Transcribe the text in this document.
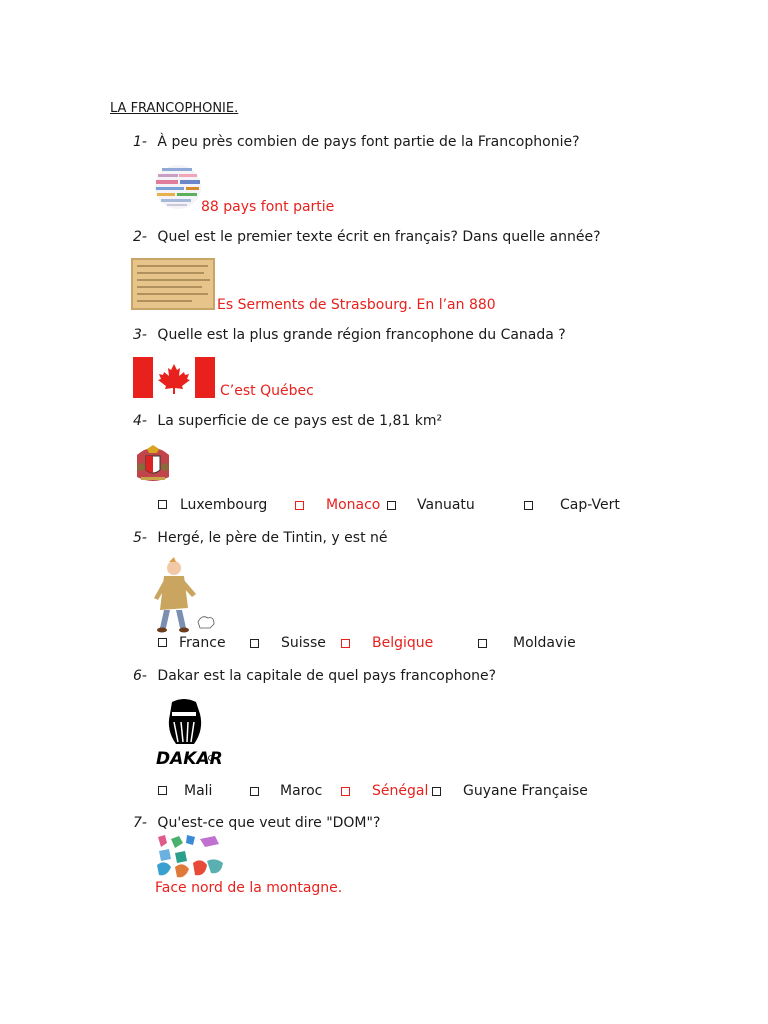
LA FRANCOPHONIE.
1- À peu près combien de pays font partie de la Francophonie?
88 pays font partie
2- Quel est le premier texte écrit en français? Dans quelle année?
Es Serments de Strasbourg. En l’an 880
3- Quelle est la plus grande région francophone du Canada ?
C’est Québec
4- La superficie de ce pays est de 1,81 km²
Luxembourg	Monaco	Vanuatu	Cap-Vert
5- Hergé, le père de Tintin, y est né
France	Suisse	Belgique	Moldavie
6- Dakar est la capitale de quel pays francophone?
DAKAR
Mali	Maroc	Sénégal Guyane Française
7- Qu'est-ce que veut dire "DOM"?
Face nord de la montagne.
